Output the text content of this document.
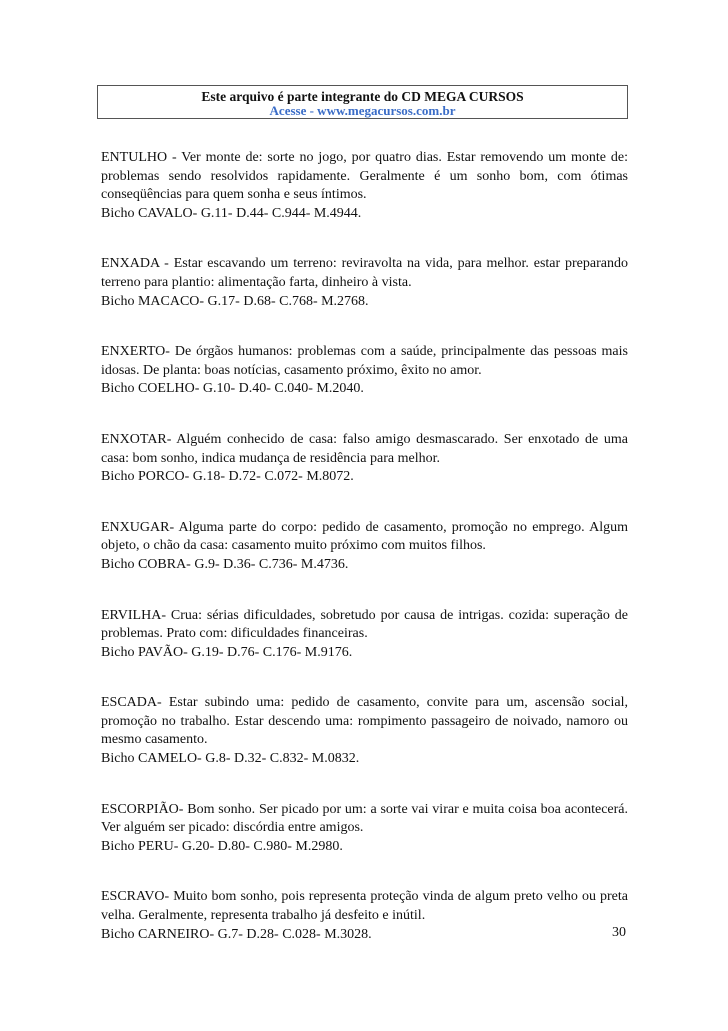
Este arquivo é parte integrante do CD MEGA CURSOS
Acesse - www.megacursos.com.br

ENTULHO - Ver monte de: sorte no jogo, por quatro dias. Estar removendo um monte de: problemas sendo resolvidos rapidamente. Geralmente é um sonho bom, com ótimas conseqüências para quem sonha e seus íntimos.

Bicho CAVALO- G.11- D.44- C.944- M.4944.

ENXADA - Estar escavando um terreno: reviravolta na vida, para melhor. estar preparando terreno para plantio: alimentação farta, dinheiro à vista.

Bicho MACACO- G.17- D.68- C.768- M.2768.

ENXERTO- De órgãos humanos: problemas com a saúde, principalmente das pessoas mais idosas. De planta: boas notícias, casamento próximo, êxito no amor.

Bicho COELHO- G.10- D.40- C.040- M.2040.

ENXOTAR- Alguém conhecido de casa: falso amigo desmascarado. Ser enxotado de uma casa: bom sonho, indica mudança de residência para melhor.

Bicho PORCO- G.18- D.72- C.072- M.8072.

ENXUGAR- Alguma parte do corpo: pedido de casamento, promoção no emprego. Algum objeto, o chão da casa: casamento muito próximo com muitos filhos.

Bicho COBRA- G.9- D.36- C.736- M.4736.

ERVILHA- Crua: sérias dificuldades, sobretudo por causa de intrigas. cozida: superação de problemas. Prato com: dificuldades financeiras.

Bicho PAVÃO- G.19- D.76- C.176- M.9176.

ESCADA- Estar subindo uma: pedido de casamento, convite para um, ascensão social, promoção no trabalho. Estar descendo uma: rompimento passageiro de noivado, namoro ou mesmo casamento.

Bicho CAMELO- G.8- D.32- C.832- M.0832.

ESCORPIÃO- Bom sonho. Ser picado por um: a sorte vai virar e muita coisa boa acontecerá. Ver alguém ser picado: discórdia entre amigos.

Bicho PERU- G.20- D.80- C.980- M.2980.

ESCRAVO- Muito bom sonho, pois representa proteção vinda de algum preto velho ou preta velha. Geralmente, representa trabalho já desfeito e inútil.

Bicho CARNEIRO- G.7- D.28- C.028- M.3028.	30
